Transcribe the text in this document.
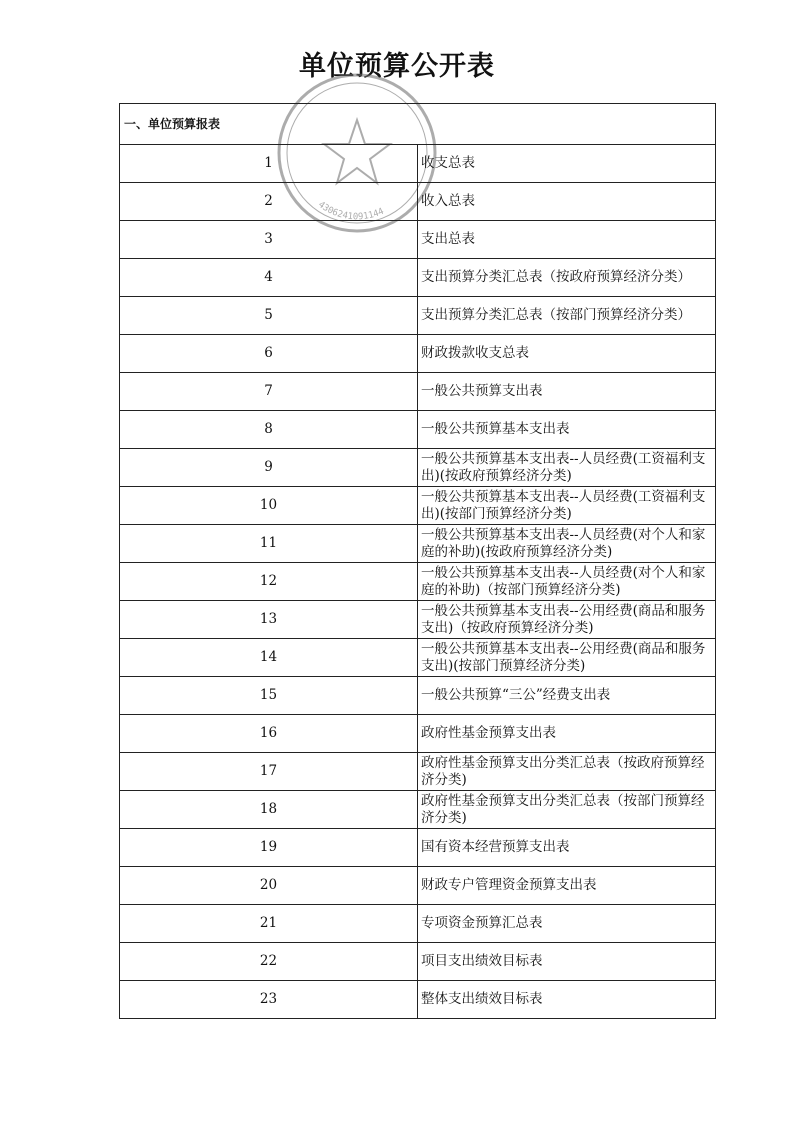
单位预算公开表
4306241091144
一、单位预算报表	
1	收支总表
2	收入总表
3	支出总表
4	支出预算分类汇总表（按政府预算经济分类）
5	支出预算分类汇总表（按部门预算经济分类）
6	财政拨款收支总表
7	一般公共预算支出表
8	一般公共预算基本支出表
9	一般公共预算基本支出表--人员经费(工资福利支出)(按政府预算经济分类)
10	一般公共预算基本支出表--人员经费(工资福利支出)(按部门预算经济分类)
11	一般公共预算基本支出表--人员经费(对个人和家庭的补助)(按政府预算经济分类)
12	一般公共预算基本支出表--人员经费(对个人和家庭的补助)（按部门预算经济分类)
13	一般公共预算基本支出表--公用经费(商品和服务支出)（按政府预算经济分类)
14	一般公共预算基本支出表--公用经费(商品和服务支出)(按部门预算经济分类)
15	一般公共预算“三公”经费支出表
16	政府性基金预算支出表
17	政府性基金预算支出分类汇总表（按政府预算经济分类)
18	政府性基金预算支出分类汇总表（按部门预算经济分类)
19	国有资本经营预算支出表
20	财政专户管理资金预算支出表
21	专项资金预算汇总表
22	项目支出绩效目标表
23	整体支出绩效目标表
